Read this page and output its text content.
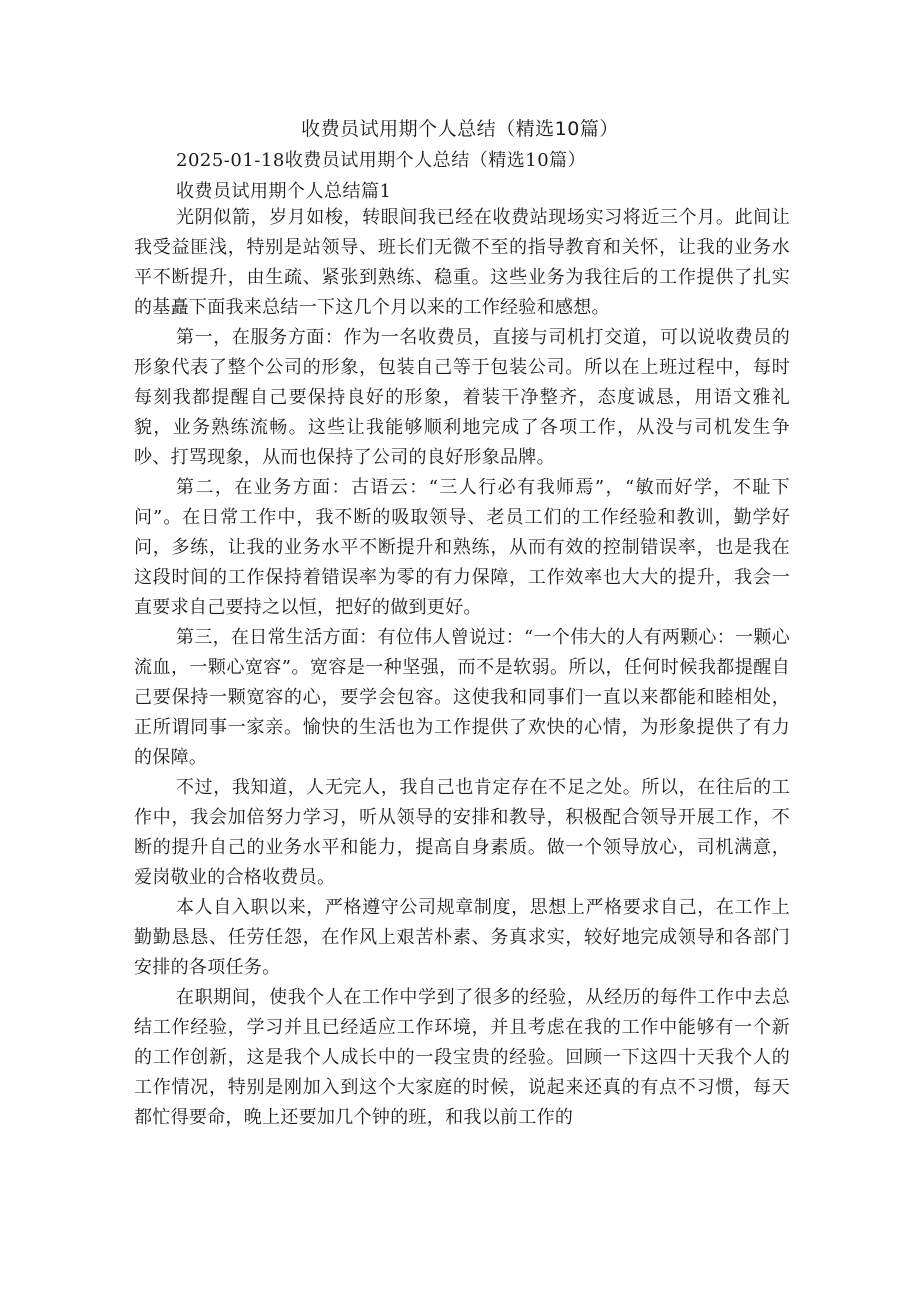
收费员试用期个人总结（精选10篇）

2025-01-18收费员试用期个人总结（精选10篇）

收费员试用期个人总结篇1

光阴似箭，岁月如梭，转眼间我已经在收费站现场实习将近三个月。此间让我受益匪浅，特别是站领导、班长们无微不至的指导教育和关怀，让我的业务水平不断提升，由生疏、紧张到熟练、稳重。这些业务为我往后的工作提供了扎实的基矗下面我来总结一下这几个月以来的工作经验和感想。

第一，在服务方面：作为一名收费员，直接与司机打交道，可以说收费员的形象代表了整个公司的形象，包装自己等于包装公司。所以在上班过程中，每时每刻我都提醒自己要保持良好的形象，着装干净整齐，态度诚恳，用语文雅礼貌，业务熟练流畅。这些让我能够顺利地完成了各项工作，从没与司机发生争吵、打骂现象，从而也保持了公司的良好形象品牌。

第二，在业务方面：古语云：“三人行必有我师焉”，“敏而好学，不耻下问”。在日常工作中，我不断的吸取领导、老员工们的工作经验和教训，勤学好问，多练，让我的业务水平不断提升和熟练，从而有效的控制错误率，也是我在这段时间的工作保持着错误率为零的有力保障，工作效率也大大的提升，我会一直要求自己要持之以恒，把好的做到更好。

第三，在日常生活方面：有位伟人曾说过：“一个伟大的人有两颗心：一颗心流血，一颗心宽容”。宽容是一种坚强，而不是软弱。所以，任何时候我都提醒自己要保持一颗宽容的心，要学会包容。这使我和同事们一直以来都能和睦相处，正所谓同事一家亲。愉快的生活也为工作提供了欢快的心情，为形象提供了有力的保障。

不过，我知道，人无完人，我自己也肯定存在不足之处。所以，在往后的工作中，我会加倍努力学习，听从领导的安排和教导，积极配合领导开展工作，不断的提升自己的业务水平和能力，提高自身素质。做一个领导放心，司机满意，爱岗敬业的合格收费员。

本人自入职以来，严格遵守公司规章制度，思想上严格要求自己，在工作上勤勤恳恳、任劳任怨，在作风上艰苦朴素、务真求实，较好地完成领导和各部门安排的各项任务。

在职期间，使我个人在工作中学到了很多的经验，从经历的每件工作中去总结工作经验，学习并且已经适应工作环境，并且考虑在我的工作中能够有一个新的工作创新，这是我个人成长中的一段宝贵的经验。回顾一下这四十天我个人的工作情况，特别是刚加入到这个大家庭的时候，说起来还真的有点不习惯，每天都忙得要命，晚上还要加几个钟的班，和我以前工作的
